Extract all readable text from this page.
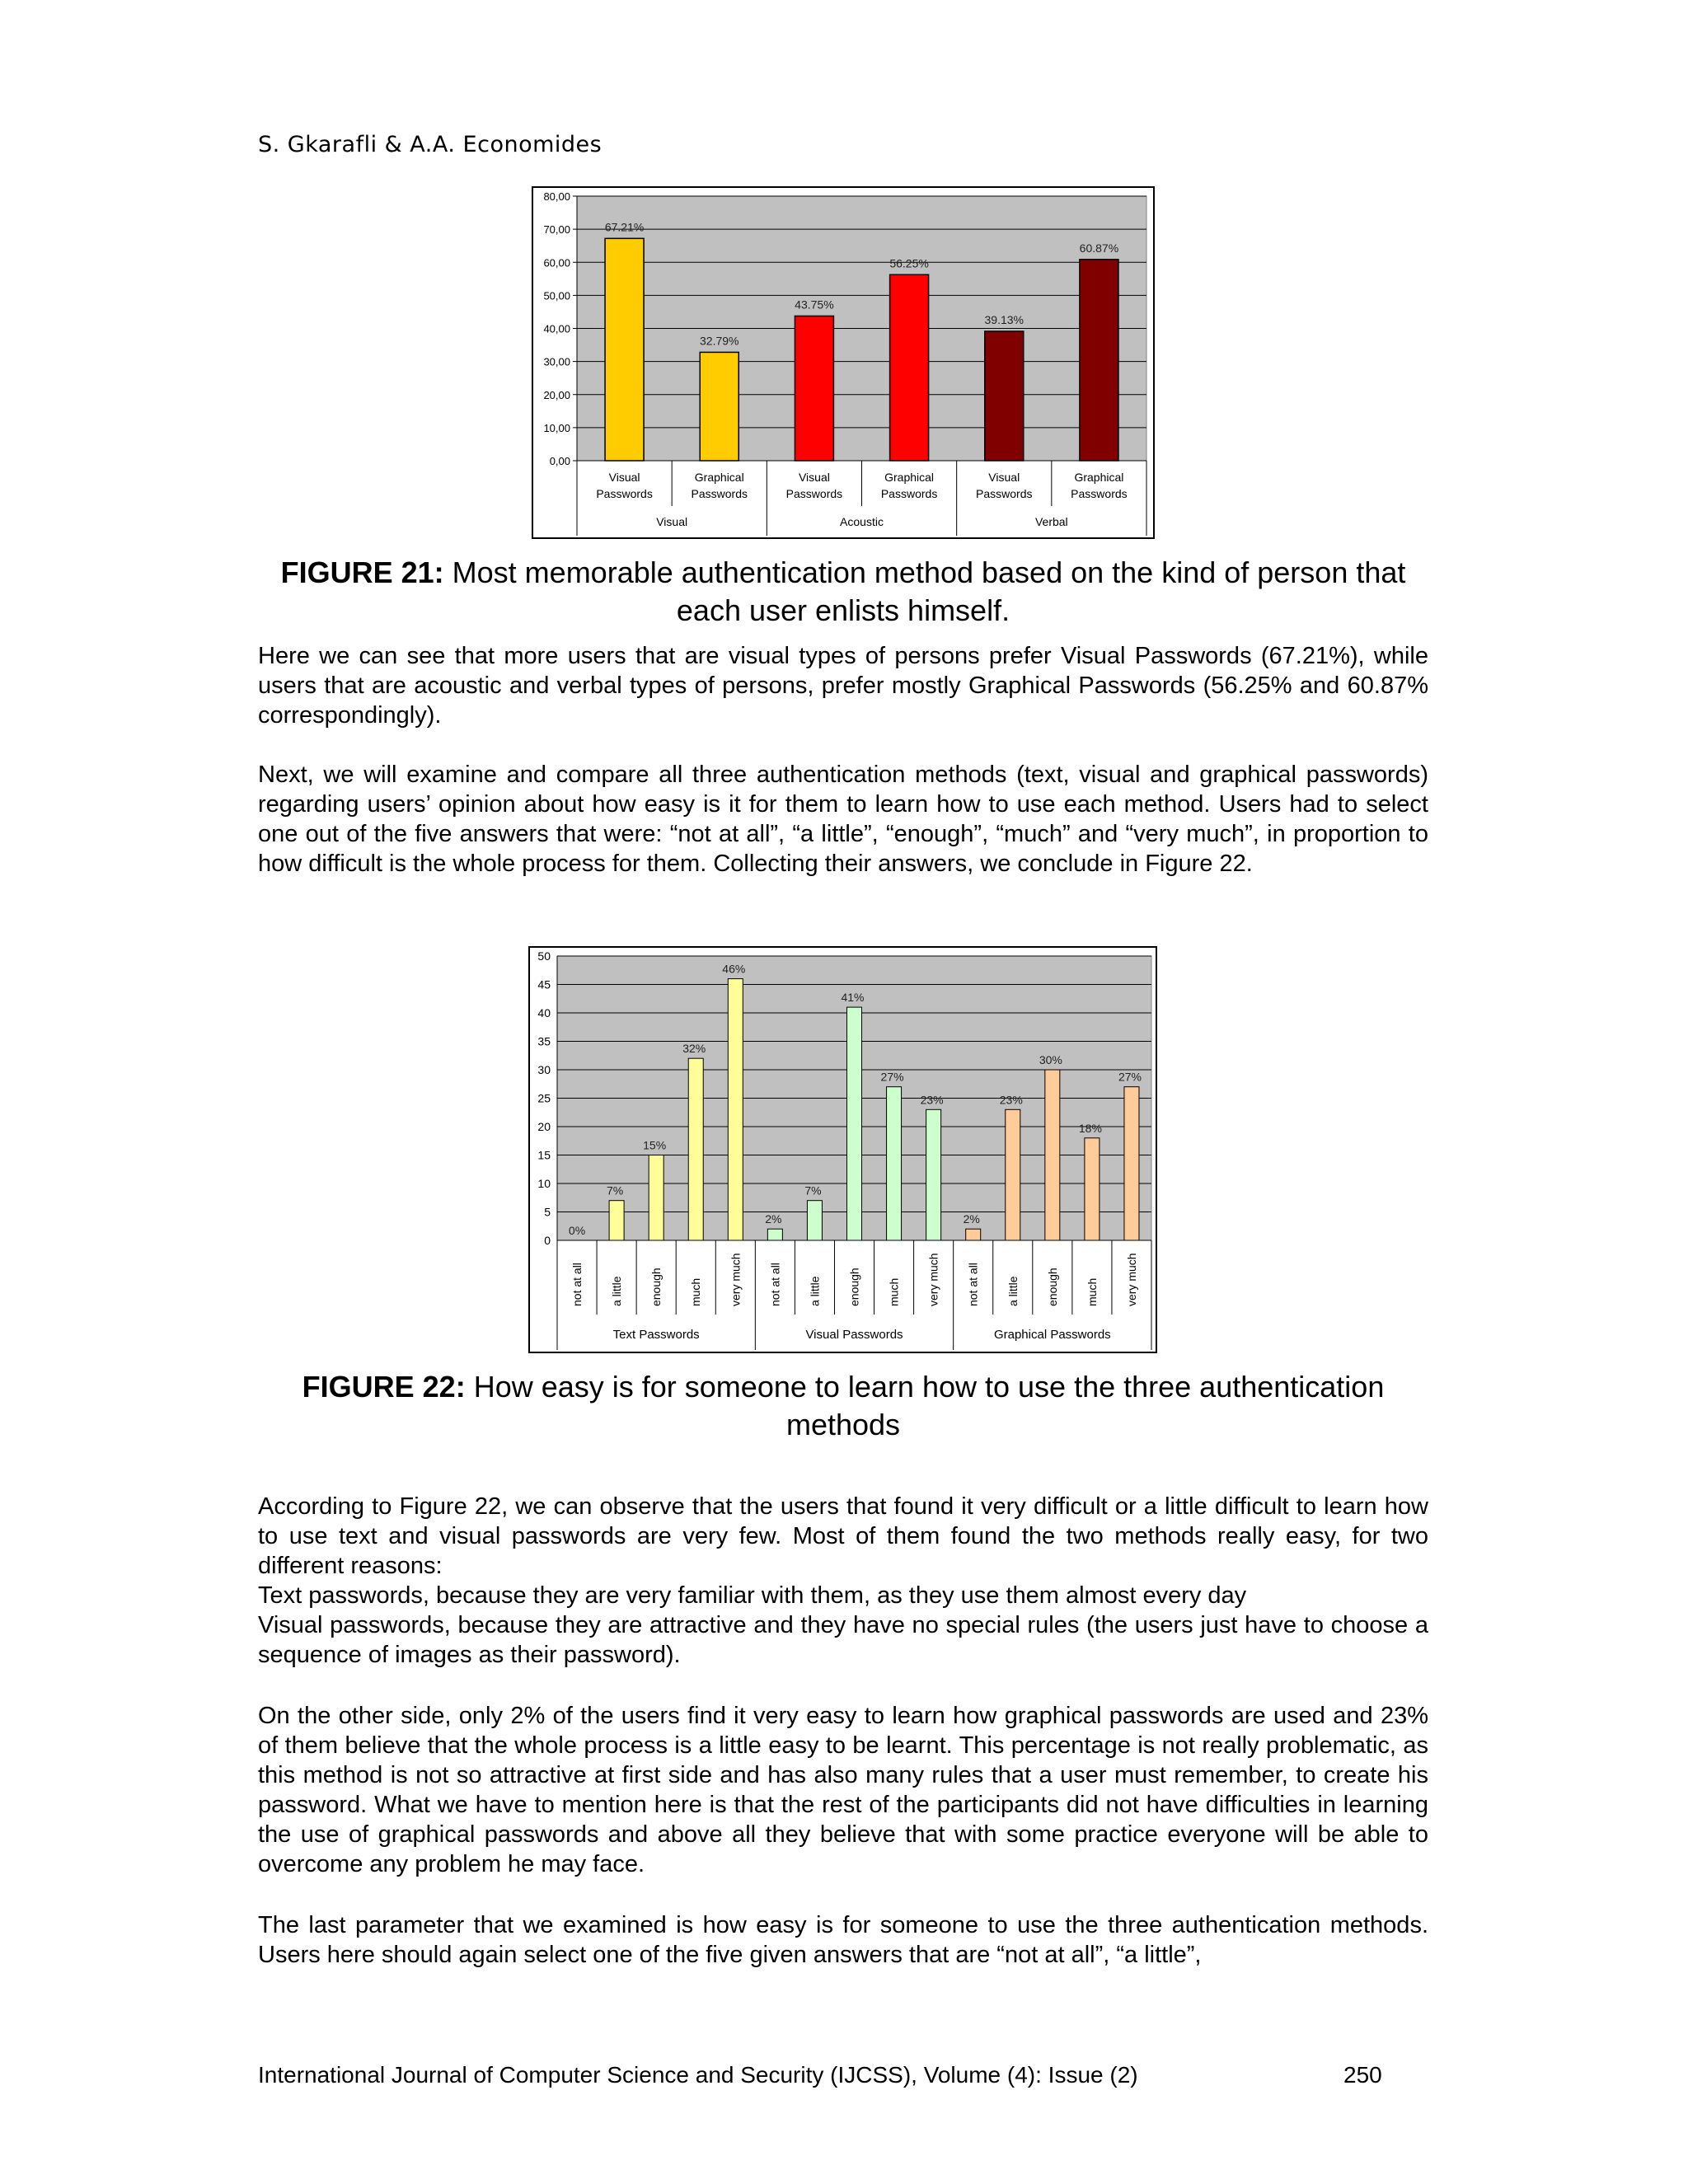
S. Gkarafli & A.A. Economides
0,00
10,00
20,00
30,00
40,00
50,00
60,00
70,00
80,00
67.21%
Visual
Passwords
32.79%
Graphical
Passwords
43.75%
Visual
Passwords
56.25%
Graphical
Passwords
39.13%
Visual
Passwords
60.87%
Graphical
Passwords
Visual	Acoustic	Verbal
FIGURE 21: Most memorable authentication method based on the kind of person that each user enlists himself.
Here we can see that more users that are visual types of persons prefer Visual Passwords (67.21%), while users that are acoustic and verbal types of persons, prefer mostly Graphical Passwords (56.25% and 60.87% correspondingly).
Next, we will examine and compare all three authentication methods (text, visual and graphical passwords) regarding users’ opinion about how easy is it for them to learn how to use each method. Users had to select one out of the five answers that were: “not at all”, “a little”, “enough”, “much” and “very much”, in proportion to how difficult is the whole process for them. Collecting their answers, we conclude in Figure 22.
0
5
10
15
20
25
30
35
40
45
50
0%
not at all
7%
a little
15%
enough
32%
much
46%
very much
2%
not at all
7%
a little
41%
enough
27%
much
23%
very much
2%
not at all
23%
a little
30%
enough
18%
much
27%
very much
Text Passwords	Visual Passwords	Graphical Passwords
FIGURE 22: How easy is for someone to learn how to use the three authentication methods

According to Figure 22, we can observe that the users that found it very difficult or a little difficult to learn how to use text and visual passwords are very few. Most of them found the two methods really easy, for two different reasons:

Text passwords, because they are very familiar with them, as they use them almost every day

Visual passwords, because they are attractive and they have no special rules (the users just have to choose a sequence of images as their password).

On the other side, only 2% of the users find it very easy to learn how graphical passwords are used and 23% of them believe that the whole process is a little easy to be learnt. This percentage is not really problematic, as this method is not so attractive at first side and has also many rules that a user must remember, to create his password. What we have to mention here is that the rest of the participants did not have difficulties in learning the use of graphical passwords and above all they believe that with some practice everyone will be able to overcome any problem he may face.
The last parameter that we examined is how easy is for someone to use the three authentication methods. Users here should again select one of the five given answers that are “not at all”, “a little”,
International Journal of Computer Science and Security (IJCSS), Volume (4): Issue (2)	250
